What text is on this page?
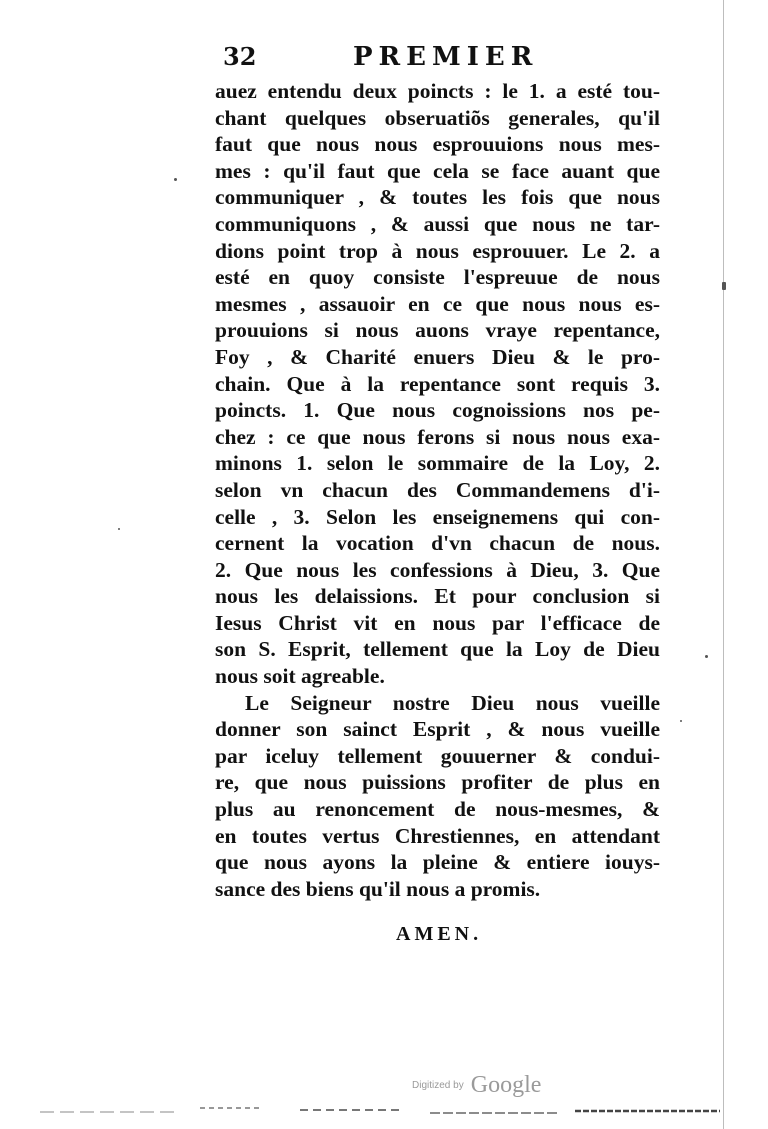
32	PREMIER
auez entendu deux poincts : le 1. a esté tou-
chant quelques obseruatiõs generales, qu'il
faut que nous nous esprouuions nous mes-
mes : qu'il faut que cela se face auant que
communiquer , & toutes les fois que nous
communiquons , & aussi que nous ne tar-
dions point trop à nous esprouuer. Le 2. a
esté en quoy consiste l'espreuue de nous
mesmes , assauoir en ce que nous nous es-
prouuions si nous auons vraye repentance,
Foy , & Charité enuers Dieu & le pro-
chain. Que à la repentance sont requis 3.
poincts. 1. Que nous cognoissions nos pe-
chez : ce que nous ferons si nous nous exa-
minons 1. selon le sommaire de la Loy, 2.
selon vn chacun des Commandemens d'i-
celle , 3. Selon les enseignemens qui con-
cernent la vocation d'vn chacun de nous.
2. Que nous les confessions à Dieu, 3. Que
nous les delaissions. Et pour conclusion si
Iesus Christ vit en nous par l'efficace de
son S. Esprit, tellement que la Loy de Dieu
nous soit agreable.
Le Seigneur nostre Dieu nous vueille
donner son sainct Esprit , & nous vueille
par iceluy tellement gouuerner & condui-
re, que nous puissions profiter de plus en
plus au renoncement de nous-mesmes, &
en toutes vertus Chrestiennes, en attendant
que nous ayons la pleine & entiere iouys-
sance des biens qu'il nous a promis.
AMEN.
Digitized by Google
